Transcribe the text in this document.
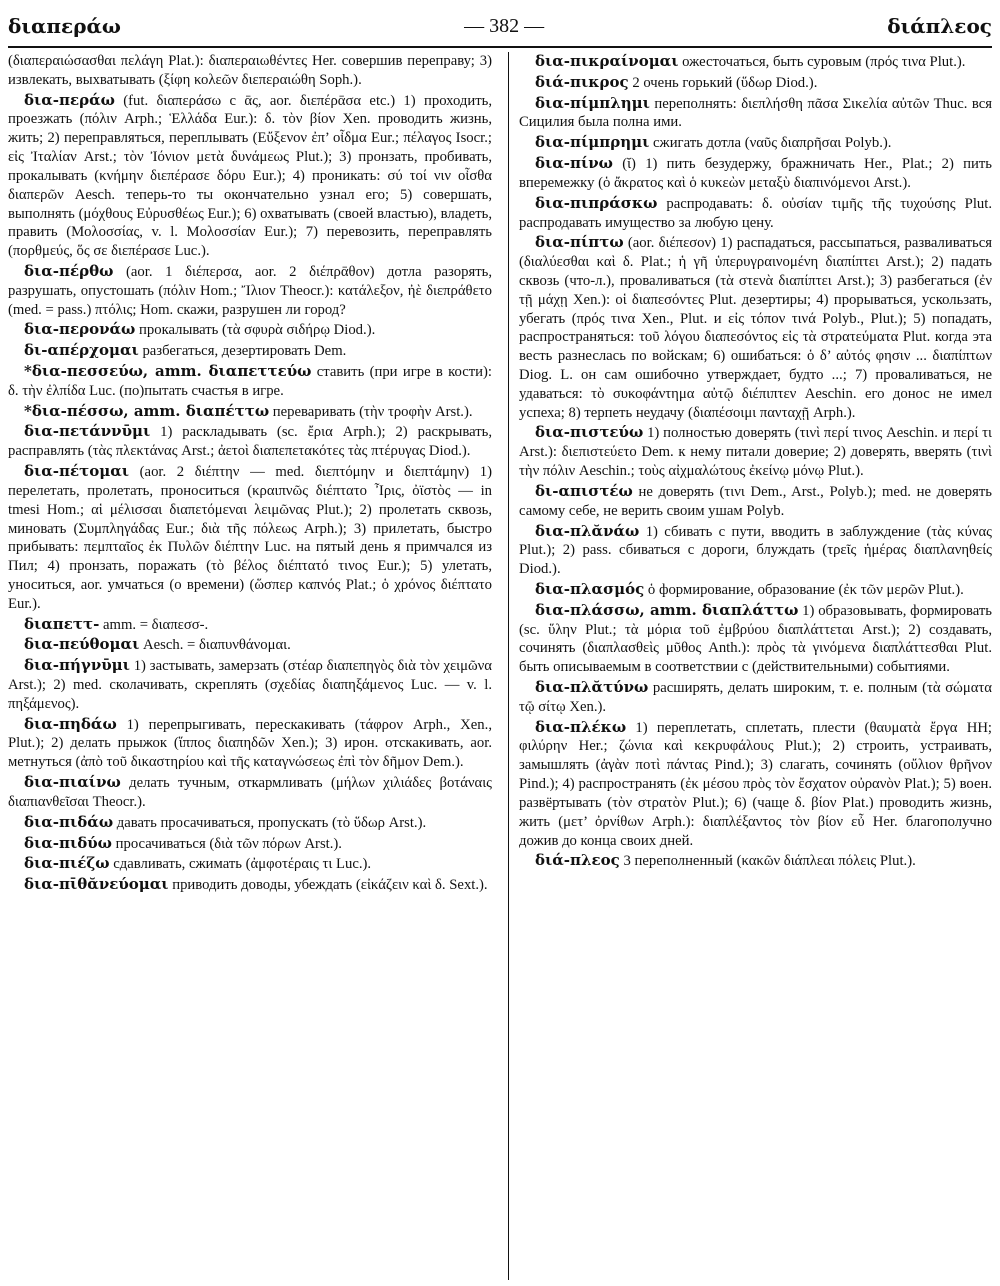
διαπεράω	— 382 —	διάπλεος

(διαπεραιώσασθαι πελάγη Plat.): διαπεραιωθέντες Her. совершив переправу; 3) извлекать, выхватывать (ξίφη κολεῶν διεπεραιώθη Soph.).

δια-περάω (fut. διαπεράσω с ᾱς, aor. διεπέρᾱσα etc.) 1) проходить, проезжать (πόλιν Arph.; Ἑλλάδα Eur.): δ. τὸν βίον Xen. проводить жизнь, жить; 2) переправляться, переплывать (Εὔξενον ἐπ’ οἶδμα Eur.; πέλαγος Isocr.; εἰς Ἰταλίαν Arst.; τὸν Ἰόνιον μετὰ δυνάμεως Plut.); 3) пронзать, пробивать, прокалывать (κνήμην διεπέρασε δόρυ Eur.); 4) проникать: σύ τοί νιν οἶσθα διαπερῶν Aesch. теперь-то ты окончательно узнал его; 5) совершать, выполнять (μόχθους Εὐρυσθέως Eur.); 6) охватывать (своей властью), владеть, править (Μολοσσίας, v. l. Μολοσσίαν Eur.); 7) перевозить, переправлять (πορθμεύς, ὅς σε διεπέρασε Luc.).

δια-πέρθω (aor. 1 διέπερσα, aor. 2 διέπρᾱθον) дотла разорять, разрушать, опустошать (πόλιν Hom.; Ἴλιον Theocr.): κατάλεξον, ἠὲ διεπράθετο (med. = pass.) πτόλις; Hom. скажи, разрушен ли город?

δια-περονάω прокалывать (τὰ σφυρὰ σιδήρῳ Diod.).

δι-απέρχομαι разбегаться, дезертировать Dem.

*δια-πεσσεύω, amm. διαπεττεύω ставить (при игре в кости): δ. τὴν ἐλπίδα Luc. (по)пытать счастья в игре.

*δια-πέσσω, amm. διαπέττω переваривать (τὴν τροφὴν Arst.).

δια-πετάννῡμι 1) раскладывать (sc. ἔρια Arph.); 2) раскрывать, расправлять (τὰς πλεκτάνας Arst.; ἀετοὶ διαπεπετακότες τὰς πτέρυγας Diod.).

δια-πέτομαι (aor. 2 διέπτην — med. διεπτόμην и διεπτάμην) 1) перелетать, пролетать, проноситься (κραιπνῶς διέπτατο Ἶρις, ὀϊστὸς — in tmesi Hom.; αἱ μέλισσαι διαπετόμεναι λειμῶνας Plut.); 2) пролетать сквозь, миновать (Συμπληγάδας Eur.; διὰ τῆς πόλεως Arph.); 3) прилетать, быстро прибывать: πεμπταῖος ἐκ Πυλῶν διέπτην Luc. на пятый день я примчался из Пил; 4) пронзать, поражать (τὸ βέλος διέπτατό τινος Eur.); 5) улетать, уноситься, aor. умчаться (о времени) (ὥσπερ καπνός Plat.; ὁ χρόνος διέπτατο Eur.).

διαπεττ- amm. = διαπεσσ-.

δια-πεύθομαι Aesch. = διαπυνθάνομαι.

δια-πήγνῡμι 1) застывать, замерзать (στέαρ διαπεπηγὸς διὰ τὸν χειμῶνα Arst.); 2) med. сколачивать, скреплять (σχεδίας διαπηξάμενος Luc. — v. l. πηξάμενος).

δια-πηδάω 1) перепрыгивать, перескакивать (τάφρον Arph., Xen., Plut.); 2) делать прыжок (ἵππος διαπηδῶν Xen.); 3) ирон. отскакивать, aor. метнуться (ἀπὸ τοῦ δικαστηρίου καὶ τῆς καταγνώσεως ἐπὶ τὸν δῆμον Dem.).

δια-πιαίνω делать тучным, откармливать (μήλων χιλιάδες βοτάναις διαπιανθεῖσαι Theocr.).

δια-πιδάω давать просачиваться, пропускать (τὸ ὕδωρ Arst.).

δια-πιδύω просачиваться (διὰ τῶν πόρων Arst.).

δια-πιέζω сдавливать, сжимать (ἀμφοτέραις τι Luc.).

δια-πῑθᾰνεύομαι приводить доводы, убеждать (εἰκάζειν καὶ δ. Sext.).

δια-πικραίνομαι ожесточаться, быть суровым (πρός τινα Plut.).

διά-πικρος 2 очень горький (ὕδωρ Diod.).

δια-πίμπλημι переполнять: διεπλήσθη πᾶσα Σικελία αὐτῶν Thuc. вся Сицилия была полна ими.

δια-πίμπρημι сжигать дотла (ναῦς διαπρῆσαι Polyb.).

δια-πίνω (ῐ) 1) пить безудержу, бражничать Her., Plat.; 2) пить вперемежку (ὁ ἄκρατος καὶ ὁ κυκεὼν μεταξὺ διαπινόμενοι Arst.).

δια-πιπράσκω распродавать: δ. οὐσίαν τιμῆς τῆς τυχούσης Plut. распродавать имущество за любую цену.

δια-πίπτω (aor. διέπεσον) 1) распадаться, рассыпаться, разваливаться (διαλύεσθαι καὶ δ. Plat.; ἡ γῆ ὑπερυγραινομένη διαπίπτει Arst.); 2) падать сквозь (что-л.), проваливаться (τὰ στενὰ διαπίπτει Arst.); 3) разбегаться (ἐν τῇ μάχῃ Xen.): οἱ διαπεσόντες Plut. дезертиры; 4) прорываться, ускользать, убегать (πρός τινα Xen., Plut. и εἰς τόπον τινά Polyb., Plut.); 5) попадать, распространяться: τοῦ λόγου διαπεσόντος εἰς τὰ στρατεύματα Plut. когда эта весть разнеслась по войскам; 6) ошибаться: ὁ δ’ αὐτός φησιν ... διαπίπτων Diog. L. он сам ошибочно утверждает, будто ...; 7) проваливаться, не удаваться: τὸ συκοφάντημα αὐτῷ διέπιπτεν Aeschin. его донос не имел успеха; 8) терпеть неудачу (διαπέσοιμι πανταχῇ Arph.).

δια-πιστεύω 1) полностью доверять (τινὶ περί τινος Aeschin. и περί τι Arst.): διεπιστεύετο Dem. к нему питали доверие; 2) доверять, вверять (τινὶ τὴν πόλιν Aeschin.; τοὺς αἰχμαλώτους ἐκείνῳ μόνῳ Plut.).

δι-απιστέω не доверять (τινι Dem., Arst., Polyb.); med. не доверять самому себе, не верить своим ушам Polyb.

δια-πλᾰνάω 1) сбивать с пути, вводить в заблуждение (τὰς κύνας Plut.); 2) pass. сбиваться с дороги, блуждать (τρεῖς ἡμέρας διαπλανηθείς Diod.).

δια-πλασμός ὁ формирование, образование (ἐκ τῶν μερῶν Plut.).

δια-πλάσσω, amm. διαπλάττω 1) образовывать, формировать (sc. ὕλην Plut.; τὰ μόρια τοῦ ἐμβρύου διαπλάττεται Arst.); 2) создавать, сочинять (διαπλασθεὶς μῦθος Anth.): πρὸς τὰ γινόμενα διαπλάττεσθαι Plut. быть описываемым в соответствии с (действительными) событиями.

δια-πλᾰτύνω расширять, делать широким, т. е. полным (τὰ σώματα τῷ σίτῳ Xen.).

δια-πλέκω 1) переплетать, сплетать, плести (θαυματὰ ἔργα HH; φιλύρην Her.; ζώνια καὶ κεκρυφάλους Plut.); 2) строить, устраивать, замышлять (ἀγὰν ποτὶ πάντας Pind.); 3) слагать, сочинять (οὔλιον θρῆνον Pind.); 4) распространять (ἐκ μέσου πρὸς τὸν ἔσχατον οὐρανὸν Plat.); 5) воен. развёртывать (τὸν στρατὸν Plut.); 6) (чаще δ. βίον Plat.) проводить жизнь, жить (μετ’ ὀρνίθων Arph.): διαπλέξαντος τὸν βίον εὖ Her. благополучно дожив до конца своих дней.

διά-πλεος 3 переполненный (κακῶν διάπλεαι πόλεις Plut.).
